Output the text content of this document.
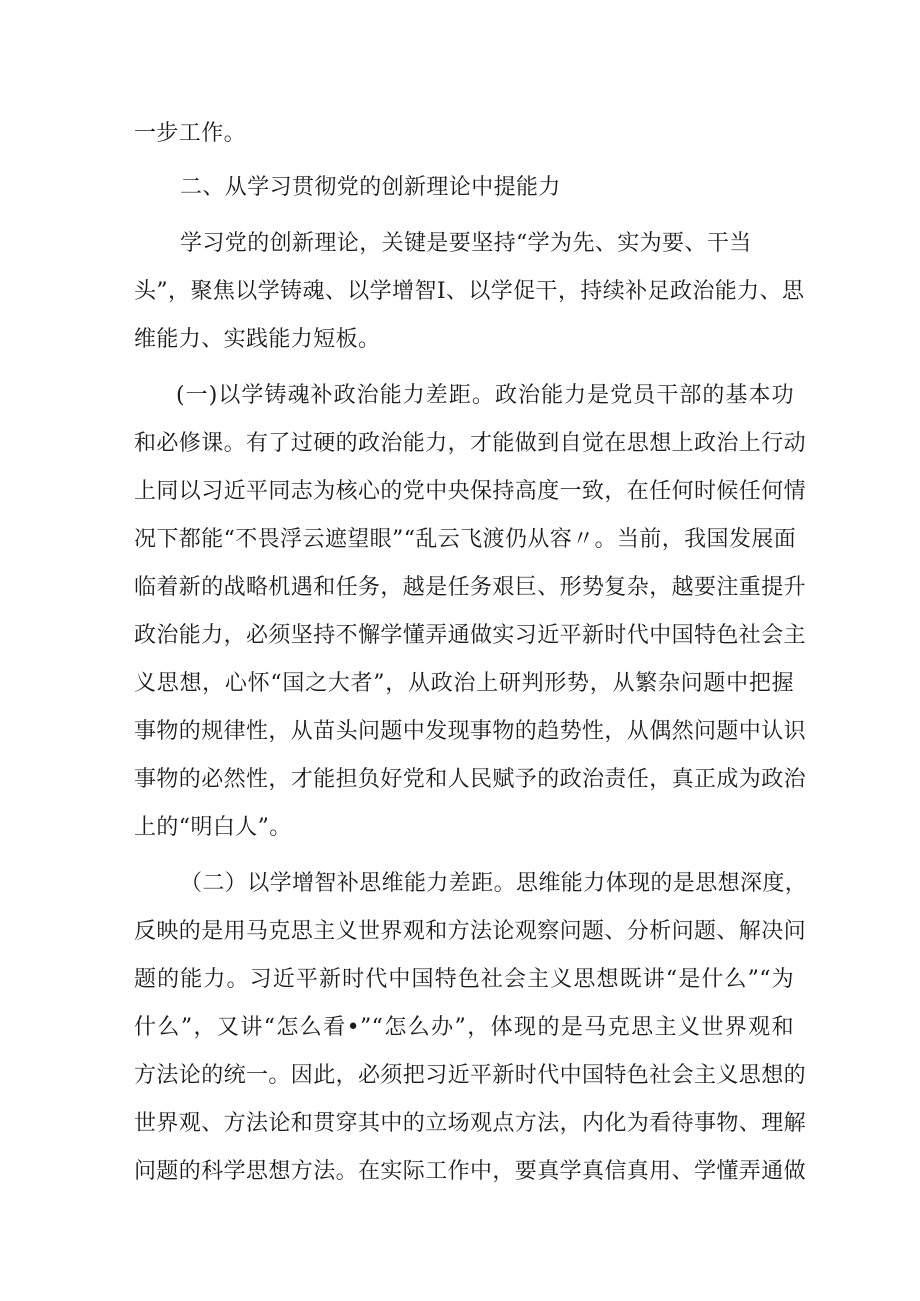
一步工作。
二、从学习贯彻党的创新理论中提能力
学习党的创新理论，关键是要坚持“学为先、实为要、干当
头”，聚焦以学铸魂、以学增智I、以学促干，持续补足政治能力、思
维能力、实践能力短板。
(一)以学铸魂补政治能力差距。政治能力是党员干部的基本功
和必修课。有了过硬的政治能力，才能做到自觉在思想上政治上行动
上同以习近平同志为核心的党中央保持高度一致，在任何时候任何情
况下都能“不畏浮云遮望眼”“乱云飞渡仍从容〃。当前，我国发展面
临着新的战略机遇和任务，越是任务艰巨、形势复杂，越要注重提升
政治能力，必须坚持不懈学懂弄通做实习近平新时代中国特色社会主
义思想，心怀“国之大者”，从政治上研判形势，从繁杂问题中把握
事物的规律性，从苗头问题中发现事物的趋势性，从偶然问题中认识
事物的必然性，才能担负好党和人民赋予的政治责任，真正成为政治
上的“明白人”。
（二）以学增智补思维能力差距。思维能力体现的是思想深度，
反映的是用马克思主义世界观和方法论观察问题、分析问题、解决问
题的能力。习近平新时代中国特色社会主义思想既讲“是什么”“为
什么”，又讲“怎么看•”“怎么办”，体现的是马克思主义世界观和
方法论的统一。因此，必须把习近平新时代中国特色社会主义思想的
世界观、方法论和贯穿其中的立场观点方法，内化为看待事物、理解
问题的科学思想方法。在实际工作中，要真学真信真用、学懂弄通做
